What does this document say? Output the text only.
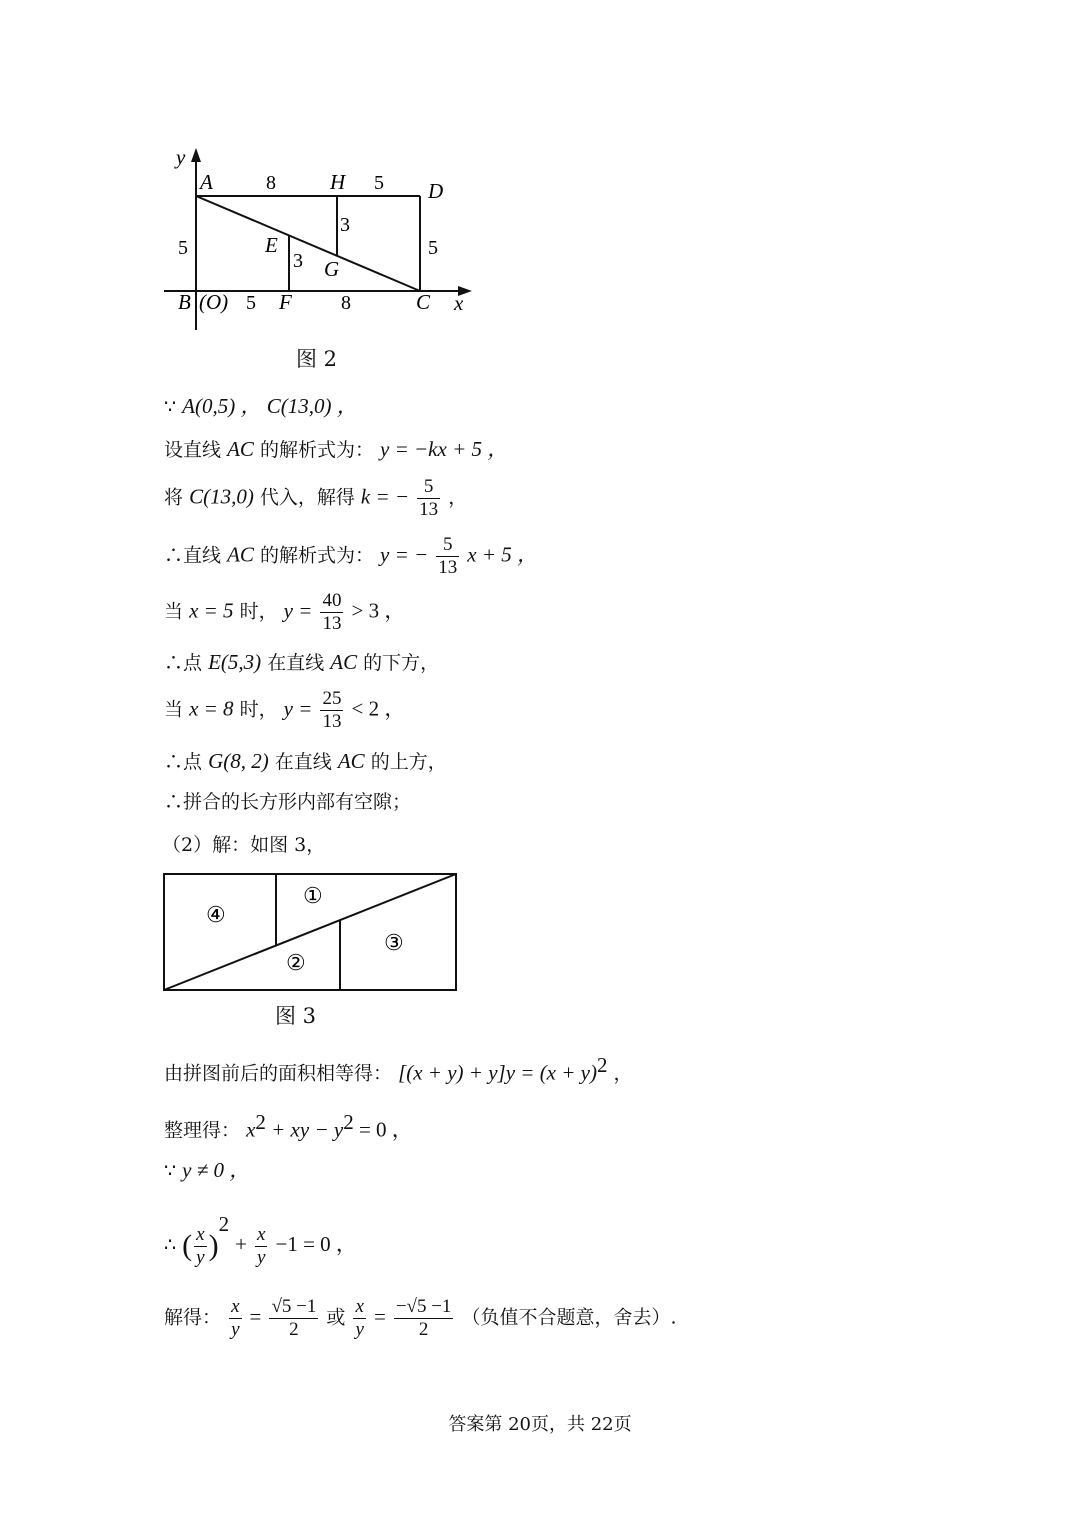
y
x
A	H	D
E
G
B (O) F	C
8	5
5	5
3
3
5	8
图 2
∵ A(0,5) ， C(13,0) ，
设直线 AC 的解析式为： y = −kx + 5 ，
将 C(13,0) 代入，解得 k = − $\frac{5}{13}$ ，
∴直线 AC 的解析式为： y = − $\frac{5}{13}$ x + 5 ，
当 x = 5 时， $y = \frac{40}{13} > 3$ ，
∴点 E(5,3) 在直线 AC 的下方，
当 x = 8 时， $y = \frac{25}{13} < 2$ ，
∴点 G(8, 2) 在直线 AC 的上方，
∴拼合的长方形内部有空隙；
（2）解：如图 3，
①
②
③
④
图 3
由拼图前后的面积相等得： $[(x + y) + y]y = (x + y)^2$ ，
整理得： $x^2$ + xy − $y^2 = 0$ ，
∵ y ≠ 0 ，
∴ ( $\frac{x}{y} )^2 + \frac{x}{y} -1 = 0$ ，
解得： $\frac{x}{y} = \frac{√5 -1}{2}$ 或 $\frac{x}{y} = \frac{-√5 -1}{2}$ （负值不合题意，舍去）.
答案第 20页，共 22页
